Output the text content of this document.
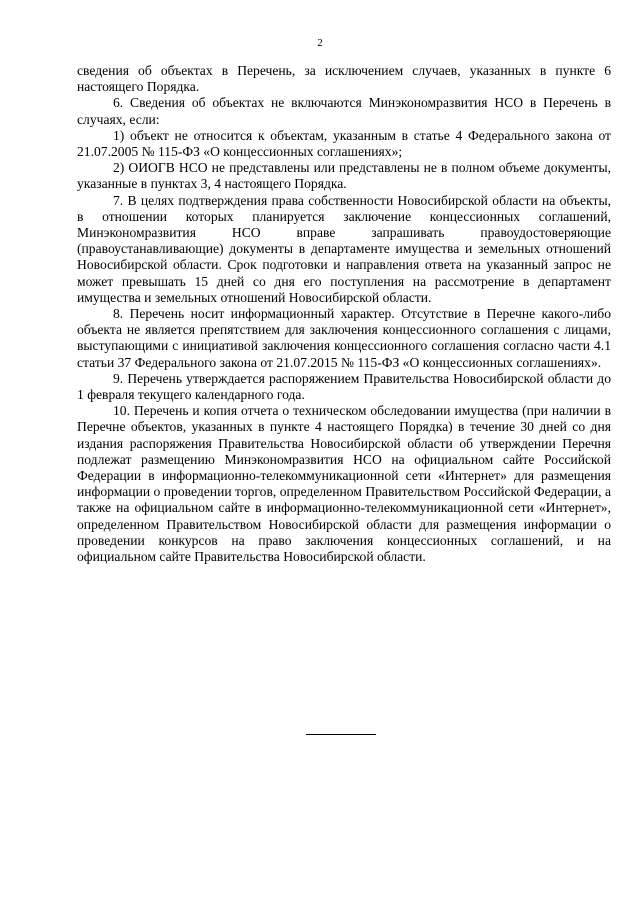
2

сведения об объектах в Перечень, за исключением случаев, указанных в пункте 6 настоящего Порядка.

6. Сведения об объектах не включаются Минэкономразвития НСО в Перечень в случаях, если:

1) объект не относится к объектам, указанным в статье 4 Федерального закона от 21.07.2005 № 115-ФЗ «О концессионных соглашениях»;

2) ОИОГВ НСО не представлены или представлены не в полном объеме документы, указанные в пунктах 3, 4 настоящего Порядка.

7. В целях подтверждения права собственности Новосибирской области на объекты, в отношении которых планируется заключение концессионных соглашений, Минэкономразвития НСО вправе запрашивать правоудостоверяющие (правоустанавливающие) документы в департаменте имущества и земельных отношений Новосибирской области. Срок подготовки и направления ответа на указанный запрос не может превышать 15 дней со дня его поступления на рассмотрение в департамент имущества и земельных отношений Новосибирской области.

8. Перечень носит информационный характер. Отсутствие в Перечне какого-либо объекта не является препятствием для заключения концессионного соглашения с лицами, выступающими с инициативой заключения концессионного соглашения согласно части 4.1 статьи 37 Федерального закона от 21.07.2015 № 115-ФЗ «О концессионных соглашениях».

9. Перечень утверждается распоряжением Правительства Новосибирской области до 1 февраля текущего календарного года.

10. Перечень и копия отчета о техническом обследовании имущества (при наличии в Перечне объектов, указанных в пункте 4 настоящего Порядка) в течение 30 дней со дня издания распоряжения Правительства Новосибирской области об утверждении Перечня подлежат размещению Минэкономразвития НСО на официальном сайте Российской Федерации в информационно-телекоммуникационной сети «Интернет» для размещения информации о проведении торгов, определенном Правительством Российской Федерации, а также на официальном сайте в информационно-телекоммуникационной сети «Интернет», определенном Правительством Новосибирской области для размещения информации о проведении конкурсов на право заключения концессионных соглашений, и на официальном сайте Правительства Новосибирской области.
